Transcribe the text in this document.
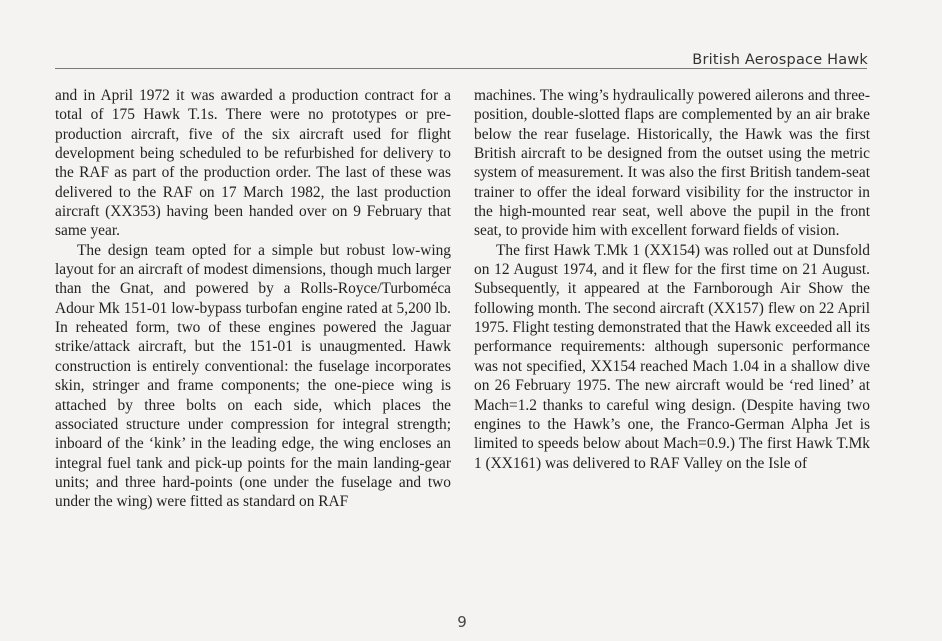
British Aerospace Hawk

and in April 1972 it was awarded a production contract for a total of 175 Hawk T.1s. There were no prototypes or pre-production aircraft, five of the six aircraft used for flight development being scheduled to be refurbished for delivery to the RAF as part of the production order. The last of these was delivered to the RAF on 17 March 1982, the last production aircraft (XX353) having been handed over on 9 February that same year.

The design team opted for a simple but robust low-wing layout for an aircraft of modest dimensions, though much larger than the Gnat, and powered by a Rolls-Royce/Turboméca Adour Mk 151-01 low-bypass turbofan engine rated at 5,200 lb. In reheated form, two of these engines powered the Jaguar strike/attack aircraft, but the 151-01 is unaugmented. Hawk construction is entirely conventional: the fuselage incorporates skin, stringer and frame components; the one-piece wing is attached by three bolts on each side, which places the associated structure under compression for integral strength; inboard of the ‘kink’ in the leading edge, the wing encloses an integral fuel tank and pick-up points for the main landing-gear units; and three hard-points (one under the fuselage and two under the wing) were fitted as standard on RAF

machines. The wing’s hydraulically powered ailerons and three-position, double-slotted flaps are complemented by an air brake below the rear fuselage. Historically, the Hawk was the first British aircraft to be designed from the outset using the metric system of measurement. It was also the first British tandem-seat trainer to offer the ideal forward visibility for the instructor in the high-mounted rear seat, well above the pupil in the front seat, to provide him with excellent forward fields of vision.

The first Hawk T.Mk 1 (XX154) was rolled out at Dunsfold on 12 August 1974, and it flew for the first time on 21 August. Subsequently, it appeared at the Farnborough Air Show the following month. The second aircraft (XX157) flew on 22 April 1975. Flight testing demonstrated that the Hawk exceeded all its performance requirements: although supersonic performance was not specified, XX154 reached Mach 1.04 in a shallow dive on 26 February 1975. The new aircraft would be ‘red lined’ at Mach=1.2 thanks to careful wing design. (Despite having two engines to the Hawk’s one, the Franco-German Alpha Jet is limited to speeds below about Mach=0.9.) The first Hawk T.Mk 1 (XX161) was delivered to RAF Valley on the Isle of

9
